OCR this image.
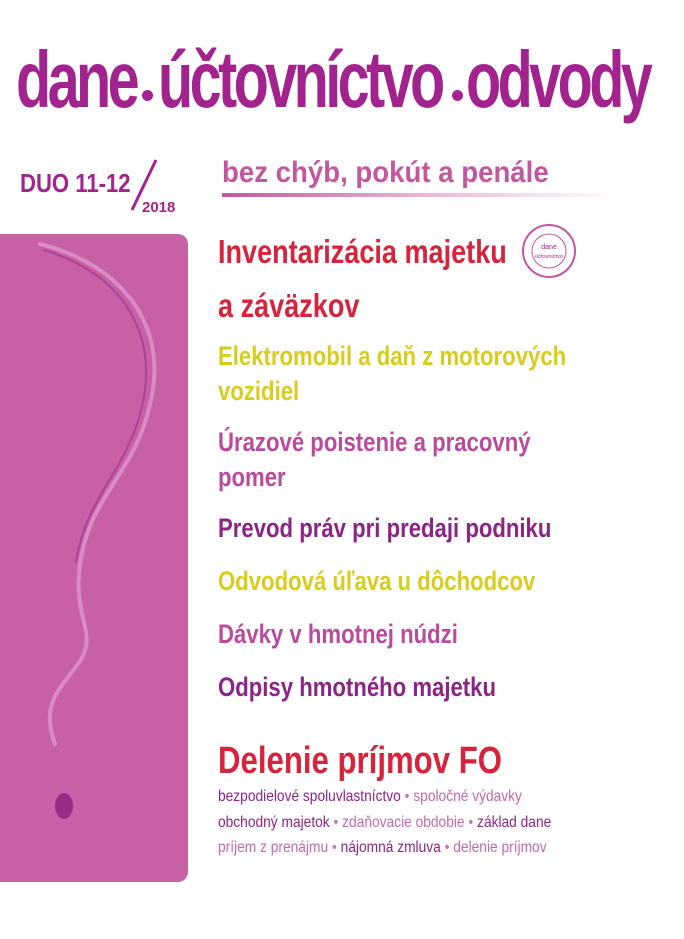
dane účtovníctvo odvody
DUO 11-12
2018
bez chýb, pokút a penále
dane
účtovníctvo
Inventarizácia majetku
a záväzkov
Elektromobil a daň z motorových
vozidiel
Úrazové poistenie a pracovný
pomer
Prevod práv pri predaji podniku
Odvodová úľava u dôchodcov
Dávky v hmotnej núdzi
Odpisy hmotného majetku
Delenie príjmov FO
bezpodielové spoluvlastníctvo • spoločné výdavky
obchodný majetok • zdaňovacie obdobie • základ dane
príjem z prenájmu • nájomná zmluva • delenie príjmov
